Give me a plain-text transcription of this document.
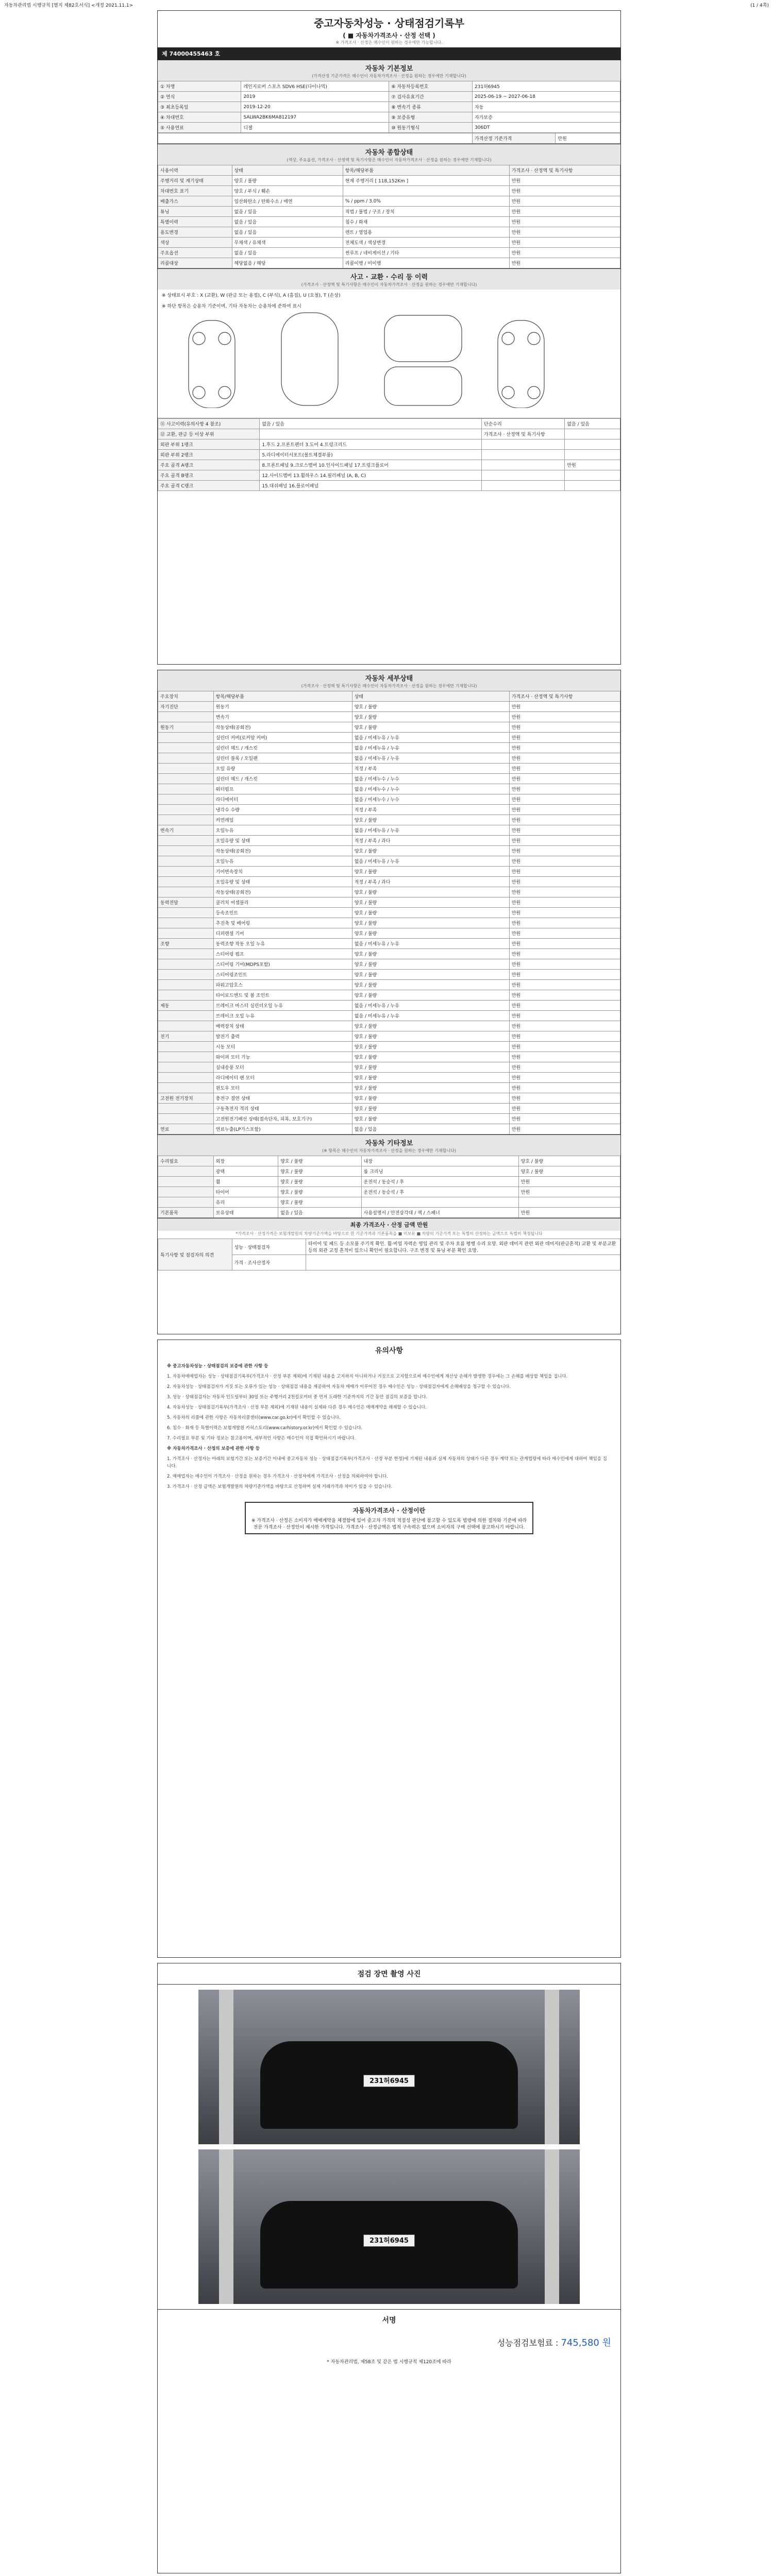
자동차관리법 시행규칙 [별지 제82호서식] <개정 2021.11.1>	(1 / 4쪽)
중고자동차성능 · 상태점검기록부
( ■ 자동차가격조사 · 산정 선택 )
※ 가격조사 · 산정은 매수인이 원하는 경우에만 가능합니다.
제 74000455463 호
자동차 기본정보
(가격산정 기준가격은 매수인이 자동차가격조사 · 산정을 원하는 경우에만 기재합니다)
① 차명	레인지로버 스포츠 SDV6 HSE(다이나믹)	⑥ 자동차등록번호	231허6945
② 연식	2019	⑦ 검사유효기간	2025-06-19 ~ 2027-06-18
③ 최초등록일	2019-12-20	⑧ 변속기 종류	자동
④ 차대번호	SALWA2BK6MA812197	⑨ 보증유형	자가보증
⑤ 사용연료	디젤	⑩ 원동기형식	306DT
	가격산정 기준가격	만원
자동차 종합상태
(색상, 주요옵션, 가격조사 · 산정액 및 특기사항은 매수인이 자동차가격조사 · 산정을 원하는 경우에만 기재합니다)
사용이력	상태	항목/해당부품	가격조사 · 산정액 및 특기사항
주행거리 및 계기상태	양호 / 불량	현재 주행거리 [ 118,152Km ]	만원
차대번호 표기	양호 / 부식 / 훼손		만원
배출가스	일산화탄소 / 탄화수소 / 매연	% / ppm / 3.0%	만원
튜닝	없음 / 있음	적법 / 불법 / 구조 / 장치	만원
특별이력	없음 / 있음	침수 / 화재	만원
용도변경	없음 / 있음	렌트 / 영업용	만원
색상	무채색 / 유채색	전체도색 / 색상변경	만원
주요옵션	없음 / 있음	썬루프 / 네비게이션 / 기타	만원
리콜대상	해당없음 / 해당	리콜이행 / 미이행	만원
사고 · 교환 · 수리 등 이력
(가격조사 · 산정액 및 특기사항은 매수인이 자동차가격조사 · 산정을 원하는 경우에만 기재합니다)
※ 상태표시 부호 : X (교환), W (판금 또는 용접), C (부식), A (흠집), U (요철), T (손상)
※ 하단 항목은 승용차 기준이며, 기타 자동차는 승용차에 준하여 표시
⑪ 사고이력(유의사항 4 참조)	없음 / 있음	단순수리	없음 / 있음
⑫ 교환, 판금 등 이상 부위		가격조사 · 산정액 및 특기사항	
외판 부위 1랭크	1.후드 2.프론트펜더 3.도어 4.트렁크리드		
외판 부위 2랭크	5.라디에이터서포트(볼트체결부품)		
주요 골격 A랭크	8.프론트패널 9.크로스멤버 10.인사이드패널 17.트렁크플로어		만원
주요 골격 B랭크	12.사이드멤버 13.휠하우스 14.필러패널 (A, B, C)		
주요 골격 C랭크	15.대쉬패널 16.플로어패널		
자동차 세부상태
(가격조사 · 산정액 및 특기사항은 매수인이 자동차가격조사 · 산정을 원하는 경우에만 기재합니다)
주요장치	항목/해당부품	상태	가격조사 · 산정액 및 특기사항
자기진단	원동기	양호 / 불량	만원
	변속기	양호 / 불량	만원
원동기	작동상태(공회전)	양호 / 불량	만원
	실린더 커버(로커암 커버)	없음 / 미세누유 / 누유	만원
	실린더 헤드 / 개스킷	없음 / 미세누유 / 누유	만원
	실린더 블록 / 오일팬	없음 / 미세누유 / 누유	만원
	오일 유량	적정 / 부족	만원
	실린더 헤드 / 개스킷	없음 / 미세누수 / 누수	만원
	워터펌프	없음 / 미세누수 / 누수	만원
	라디에이터	없음 / 미세누수 / 누수	만원
	냉각수 수량	적정 / 부족	만원
	커먼레일	양호 / 불량	만원
변속기	오일누유	없음 / 미세누유 / 누유	만원
	오일유량 및 상태	적정 / 부족 / 과다	만원
	작동상태(공회전)	양호 / 불량	만원
	오일누유	없음 / 미세누유 / 누유	만원
	기어변속장치	양호 / 불량	만원
	오일유량 및 상태	적정 / 부족 / 과다	만원
	작동상태(공회전)	양호 / 불량	만원
동력전달	클러치 어셈블리	양호 / 불량	만원
	등속조인트	양호 / 불량	만원
	추진축 및 베어링	양호 / 불량	만원
	디퍼렌셜 기어	양호 / 불량	만원
조향	동력조향 작동 오일 누유	없음 / 미세누유 / 누유	만원
	스티어링 펌프	양호 / 불량	만원
	스티어링 기어(MDPS포함)	양호 / 불량	만원
	스티어링조인트	양호 / 불량	만원
	파워고압호스	양호 / 불량	만원
	타이로드엔드 및 볼 조인트	양호 / 불량	만원
제동	브레이크 마스터 실린더오일 누유	없음 / 미세누유 / 누유	만원
	브레이크 오일 누유	없음 / 미세누유 / 누유	만원
	배력장치 상태	양호 / 불량	만원
전기	발전기 출력	양호 / 불량	만원
	시동 모터	양호 / 불량	만원
	와이퍼 모터 기능	양호 / 불량	만원
	실내송풍 모터	양호 / 불량	만원
	라디에이터 팬 모터	양호 / 불량	만원
	윈도우 모터	양호 / 불량	만원
고전원 전기장치	충전구 절연 상태	양호 / 불량	만원
	구동축전지 격리 상태	양호 / 불량	만원
	고전원전기배선 상태(접속단자, 피복, 보호기구)	양호 / 불량	만원
연료	연료누출(LP가스포함)	없음 / 있음	만원
자동차 기타정보
(※ 항목은 매수인이 자동차가격조사 · 산정을 원하는 경우에만 기재합니다)
수리필요	외장	양호 / 불량	내장	양호 / 불량
	광택	양호 / 불량	룸 크리닝	양호 / 불량
	휠	양호 / 불량	운전석 / 동승석 / 후	만원
	타이어	양호 / 불량	운전석 / 동승석 / 후	만원
	유리	양호 / 불량		
기본품목	보유상태	없음 / 있음	사용설명서 / 안전삼각대 / 잭 / 스패너	만원
최종 가격조사 · 산정 금액 만원
*가격조사 · 산정가격은 보험개발원의 차량기준가액을 바탕으로 한 기준가격과 기본품목을 ■ 미보유 ■ 차량의 기준가격 또는 특별히 산정하는 금액으로 특별히 책정됩니다
특기사항 및 점검자의 의견	성능 · 상태점검자	타이어 및 패드 등 소모품 주기적 확인. 휠·비업 자력손 영입 관리 및 주차 흐름 평행 수리 요망. 외판 데미지 관련 외관 데미지(판금흔적) 교환 및 부분교환 등의 외관 교정 흔적이 있으니 확인이 필요합니다. 구조 변경 및 튜닝 부분 확인 요망.
	가격 · 조사산정자	
유의사항

※ 중고자동차성능 · 상태점검의 보증에 관한 사항 등

1. 자동차매매업자는 성능 · 상태점검기록부(가격조사 · 산정 부분 제외)에 기재된 내용을 고지하지 아니하거나 거짓으로 고지함으로써 매수인에게 재산상 손해가 발생한 경우에는 그 손해를 배상할 책임을 집니다.

2. 자동차성능 · 상태점검자가 거짓 또는 오류가 있는 성능 · 상태점검 내용을 제공하여 자동차 매매가 이루어진 경우 매수인은 성능 · 상태점검자에게 손해배상을 청구할 수 있습니다.

3. 성능 · 상태점검자는 자동차 인도일부터 30일 또는 주행거리 2천킬로미터 중 먼저 도래한 기준까지의 기간 동안 점검의 보증을 합니다.

4. 자동차성능 · 상태점검기록부(가격조사 · 산정 부분 제외)에 기재된 내용이 실제와 다른 경우 매수인은 매매계약을 해제할 수 있습니다.

5. 자동차의 리콜에 관한 사항은 자동차리콜센터(www.car.go.kr)에서 확인할 수 있습니다.

6. 침수 · 화재 등 특별이력은 보험개발원 카히스토리(www.carhistory.or.kr)에서 확인할 수 있습니다.

7. 수리필요 부분 및 기타 정보는 참고용이며, 세부적인 사항은 매수인이 직접 확인하시기 바랍니다.

※ 자동차가격조사 · 산정의 보증에 관한 사항 등

1. 가격조사 · 산정자는 아래의 보험기간 또는 보증기간 이내에 중고자동차 성능 · 상태점검기록부(가격조사 · 산정 부분 한정)에 기재된 내용과 실제 자동차의 상태가 다른 경우 계약 또는 관계법령에 따라 매수인에게 대하여 책임을 집니다.

2. 매매업자는 매수인이 가격조사 · 산정을 원하는 경우 가격조사 · 산정자에게 가격조사 · 산정을 의뢰하여야 합니다.

3. 가격조사 · 산정 금액은 보험개발원의 차량기준가액을 바탕으로 산정하며 실제 거래가격과 차이가 있을 수 있습니다.

자동차가격조사 · 산정이란
※ 가격조사 · 산정은 소비자가 매매계약을 체결함에 있어 중고차 가격의 적절성 판단에 참고할 수 있도록 법령에 의한 절차와 기준에 따라 전문 가격조사 · 산정인이 제시한 가격입니다. 가격조사 · 산정금액은 법적 구속력은 없으며 소비자의 구매 선택에 참고하시기 바랍니다.
점검 장면 촬영 사진
231허6945
231허6945
서명
성능점검보험료 : 745,580 원
* 자동차관리법, 제58조 및 같은 법 시행규칙 제120조에 따라
